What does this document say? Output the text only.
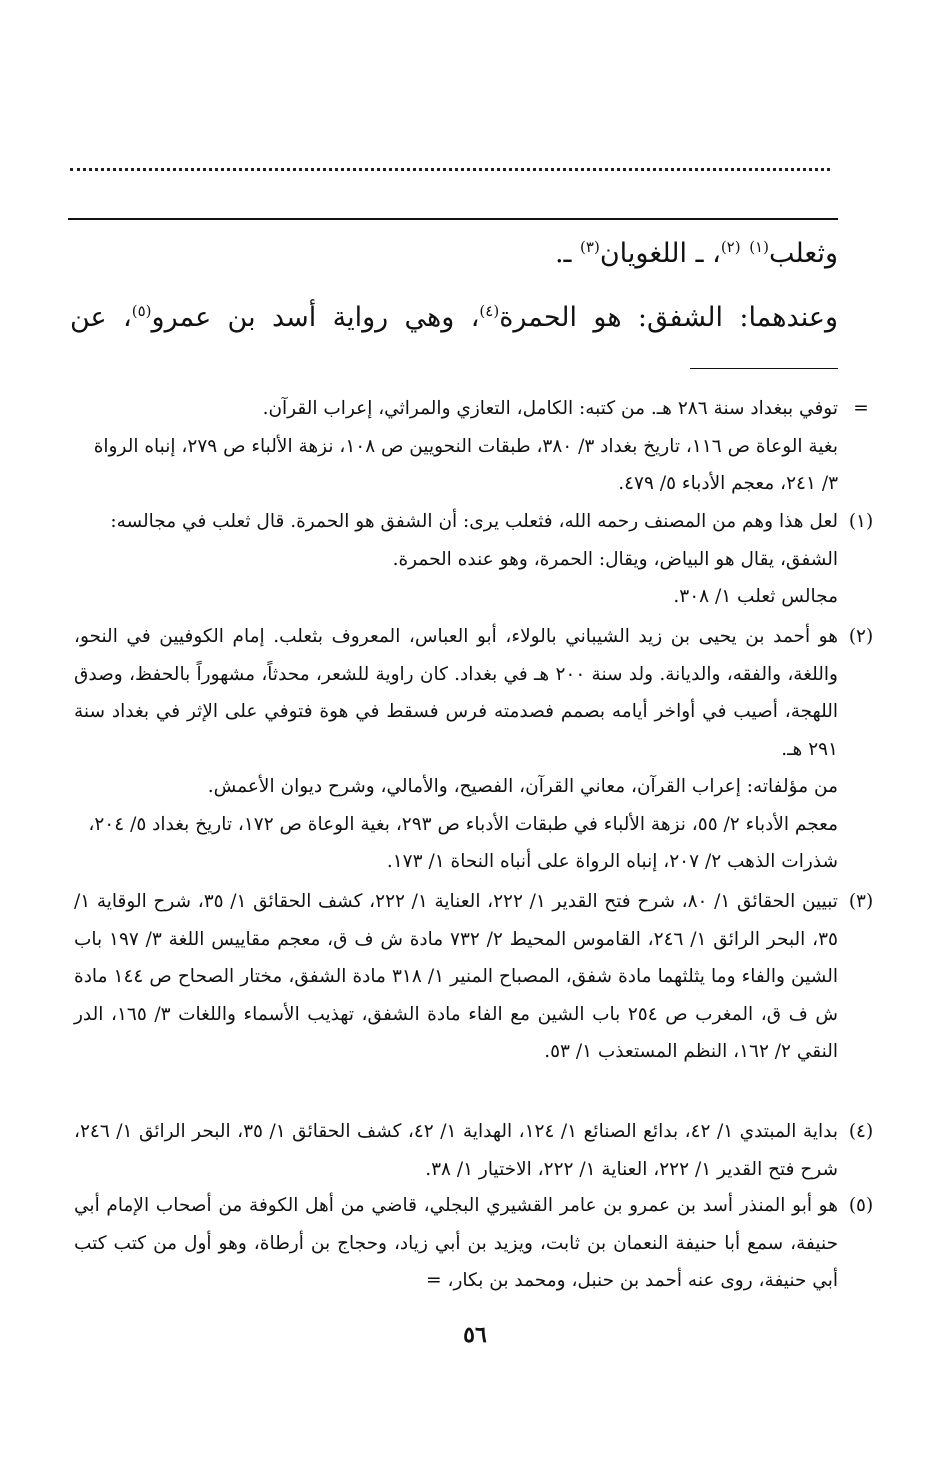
وثعلب$^{(١)}$ $^{(٢)}$، ـ اللغويان$^{(٣)}$ ـ.
وعندهما: الشفق: هو الحمرة$^{(٤)}$، وهي رواية أسد بن عمرو$^{(٥)}$، عن
=

توفي ببغداد سنة ٢٨٦ هـ. من كتبه: الكامل، التعازي والمراثي، إعراب القرآن.

بغية الوعاة ص ١١٦، تاريخ بغداد ٣/ ٣٨٠، طبقات النحويين ص ١٠٨، نزهة الألباء ص ٢٧٩، إنباه الرواة ٣/ ٢٤١، معجم الأدباء ٥/ ٤٧٩.

(١)

لعل هذا وهم من المصنف رحمه الله، فثعلب يرى: أن الشفق هو الحمرة. قال ثعلب في مجالسه: الشفق، يقال هو البياض، ويقال: الحمرة، وهو عنده الحمرة.

مجالس ثعلب ١/ ٣٠٨.

(٢)

هو أحمد بن يحيى بن زيد الشيباني بالولاء، أبو العباس، المعروف بثعلب. إمام الكوفيين في النحو، واللغة، والفقه، والديانة. ولد سنة ٢٠٠ هـ في بغداد. كان راوية للشعر، محدثاً، مشهوراً بالحفظ، وصدق اللهجة، أصيب في أواخر أيامه بصمم فصدمته فرس فسقط في هوة فتوفي على الإثر في بغداد سنة ٢٩١ هـ.

من مؤلفاته: إعراب القرآن، معاني القرآن، الفصيح، والأمالي، وشرح ديوان الأعمش.

معجم الأدباء ٢/ ٥٥، نزهة الألباء في طبقات الأدباء ص ٢٩٣، بغية الوعاة ص ١٧٢، تاريخ بغداد ٥/ ٢٠٤، شذرات الذهب ٢/ ٢٠٧، إنباه الرواة على أنباه النحاة ١/ ١٧٣.

(٣)

تبيين الحقائق ١/ ٨٠، شرح فتح القدير ١/ ٢٢٢، العناية ١/ ٢٢٢، كشف الحقائق ١/ ٣٥، شرح الوقاية ١/ ٣٥، البحر الرائق ١/ ٢٤٦، القاموس المحيط ٢/ ٧٣٢ مادة ش ف ق، معجم مقاييس اللغة ٣/ ١٩٧ باب الشين والفاء وما يثلثهما مادة شفق، المصباح المنير ١/ ٣١٨ مادة الشفق، مختار الصحاح ص ١٤٤ مادة ش ف ق، المغرب ص ٢٥٤ باب الشين مع الفاء مادة الشفق، تهذيب الأسماء واللغات ٣/ ١٦٥، الدر النقي ٢/ ١٦٢، النظم المستعذب ١/ ٥٣.

(٤)

بداية المبتدي ١/ ٤٢، بدائع الصنائع ١/ ١٢٤، الهداية ١/ ٤٢، كشف الحقائق ١/ ٣٥، البحر الرائق ١/ ٢٤٦، شرح فتح القدير ١/ ٢٢٢، العناية ١/ ٢٢٢، الاختيار ١/ ٣٨.

(٥)

هو أبو المنذر أسد بن عمرو بن عامر القشيري البجلي، قاضي من أهل الكوفة من أصحاب الإمام أبي حنيفة، سمع أبا حنيفة النعمان بن ثابت، ويزيد بن أبي زياد، وحجاج بن أرطاة، وهو أول من كتب كتب أبي حنيفة، روى عنه أحمد بن حنبل، ومحمد بن بكار، =

٥٦
